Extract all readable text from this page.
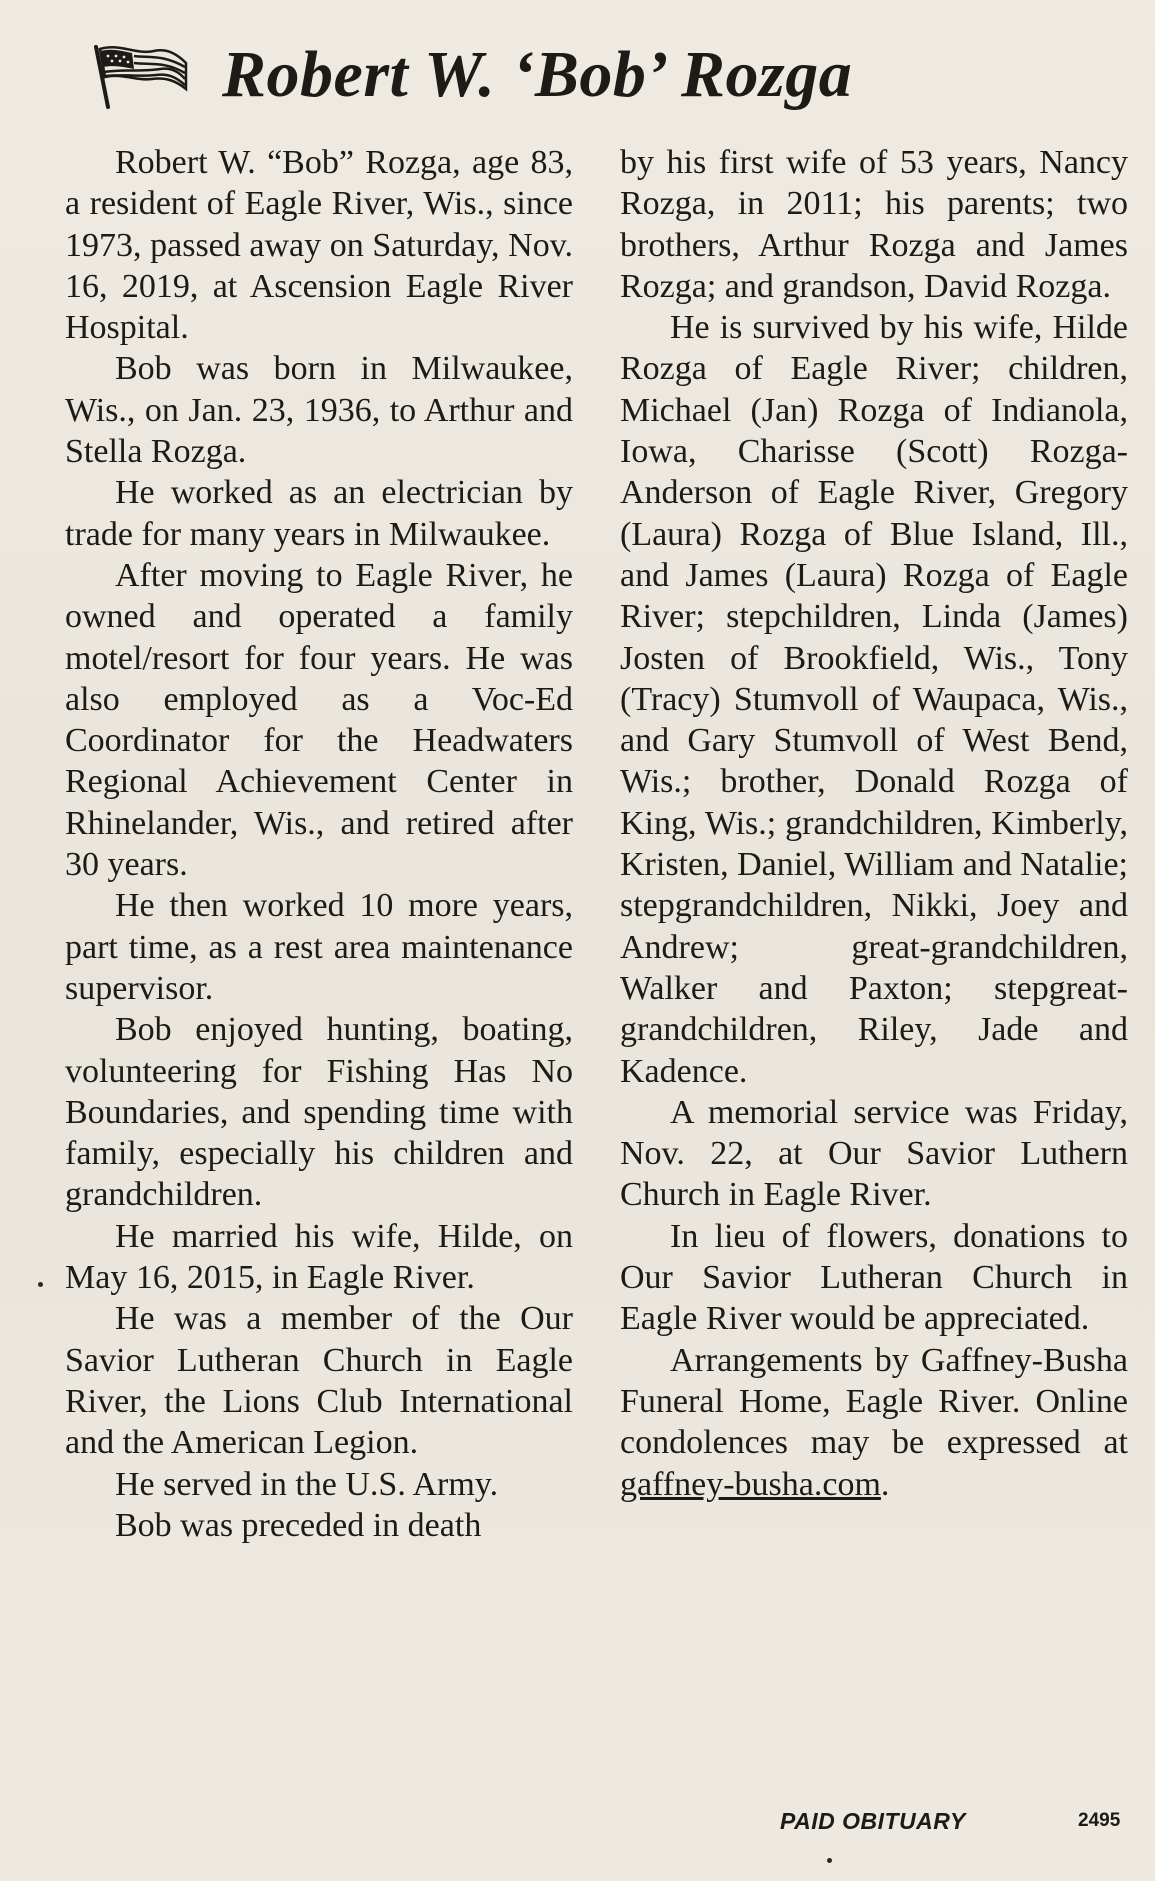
Robert W. ‘Bob’ Rozga

Robert W. “Bob” Rozga, age 83, a resident of Eagle River, Wis., since 1973, passed away on Saturday, Nov. 16, 2019, at Ascension Eagle River Hospital.

Bob was born in Milwaukee, Wis., on Jan. 23, 1936, to Arthur and Stella Rozga.

He worked as an electrician by trade for many years in Milwaukee.

After moving to Eagle River, he owned and operated a family motel/resort for four years. He was also employed as a Voc-Ed Coordinator for the Headwaters Regional Achievement Center in Rhinelander, Wis., and retired after 30 years.

He then worked 10 more years, part time, as a rest area maintenance supervisor.

Bob enjoyed hunting, boating, volunteering for Fishing Has No Boundaries, and spending time with family, especially his children and grandchildren.

He married his wife, Hilde, on May 16, 2015, in Eagle River.

He was a member of the Our Savior Lutheran Church in Eagle River, the Lions Club International and the American Legion.

He served in the U.S. Army.

Bob was preceded in death

by his first wife of 53 years, Nancy Rozga, in 2011; his parents; two brothers, Arthur Rozga and James Rozga; and grandson, David Rozga.

He is survived by his wife, Hilde Rozga of Eagle River; children, Michael (Jan) Rozga of Indianola, Iowa, Charisse (Scott) Rozga-Anderson of Eagle River, Gregory (Laura) Rozga of Blue Island, Ill., and James (Laura) Rozga of Eagle River; stepchildren, Linda (James) Josten of Brookfield, Wis., Tony (Tracy) Stumvoll of Waupaca, Wis., and Gary Stumvoll of West Bend, Wis.; brother, Donald Rozga of King, Wis.; grandchildren, Kimberly, Kristen, Daniel, William and Natalie; stepgrandchildren, Nikki, Joey and Andrew; great-grandchildren, Walker and Paxton; stepgreat-grandchildren, Riley, Jade and Kadence.

A memorial service was Friday, Nov. 22, at Our Savior Luthern Church in Eagle River.

In lieu of flowers, donations to Our Savior Lutheran Church in Eagle River would be appreciated.

Arrangements by Gaffney-Busha Funeral Home, Eagle River. Online condolences may be expressed at gaffney-busha.com.

PAID OBITUARY	2495
